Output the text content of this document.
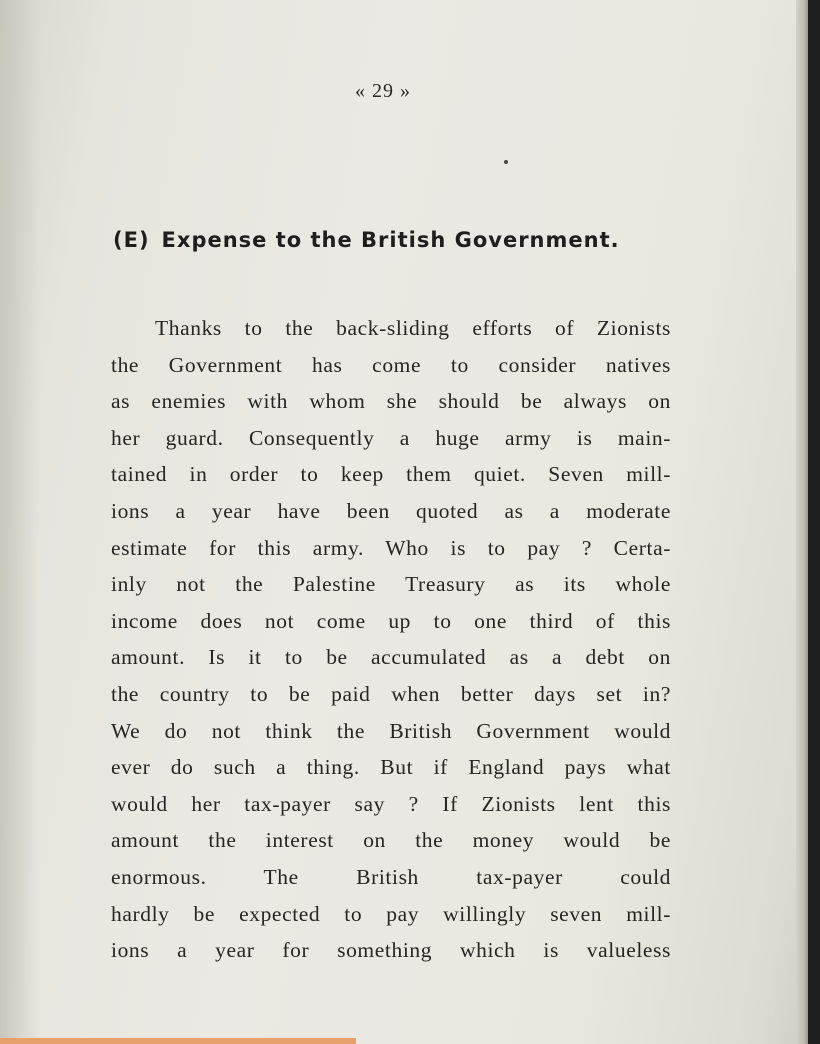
« 29 »
(E) Expense to the British Government.
Thanks to the back-sliding efforts of Zionists
the Government has come to consider natives
as enemies with whom she should be always on
her guard. Consequently a huge army is main-
tained in order to keep them quiet. Seven mill-
ions a year have been quoted as a moderate
estimate for this army. Who is to pay ? Certa-
inly not the Palestine Treasury as its whole
income does not come up to one third of this
amount. Is it to be accumulated as a debt on
the country to be paid when better days set in?
We do not think the British Government would
ever do such a thing. But if England pays what
would her tax-payer say ? If Zionists lent this
amount the interest on the money would be
enormous. The British tax-payer could
hardly be expected to pay willingly seven mill-
ions a year for something which is valueless
